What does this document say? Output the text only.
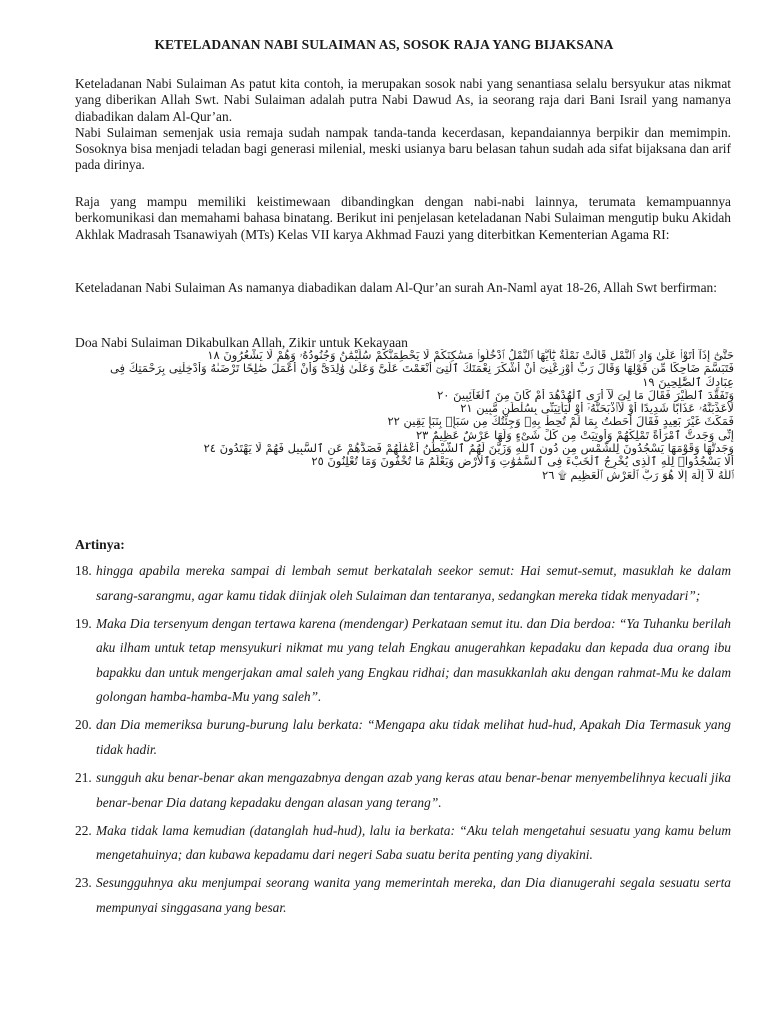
KETELADANAN NABI SULAIMAN AS, SOSOK RAJA YANG BIJAKSANA

Keteladanan Nabi Sulaiman As patut kita contoh, ia merupakan sosok nabi yang senantiasa selalu bersyukur atas nikmat yang diberikan Allah Swt. Nabi Sulaiman adalah putra Nabi Dawud As, ia seorang raja dari Bani Israil yang namanya diabadikan dalam Al-Qur’an.
Nabi Sulaiman semenjak usia remaja sudah nampak tanda-tanda kecerdasan, kepandaiannya berpikir dan memimpin. Sosoknya bisa menjadi teladan bagi generasi milenial, meski usianya baru belasan tahun sudah ada sifat bijaksana dan arif pada dirinya.

Raja yang mampu memiliki keistimewaan dibandingkan dengan nabi-nabi lainnya, terumata kemampuannya berkomunikasi dan memahami bahasa binatang. Berikut ini penjelasan keteladanan Nabi Sulaiman mengutip buku Akidah Akhlak Madrasah Tsanawiyah (MTs) Kelas VII karya Akhmad Fauzi yang diterbitkan Kementerian Agama RI:

Keteladanan Nabi Sulaiman As namanya diabadikan dalam Al-Qur’an surah An-Naml ayat 18-26, Allah Swt berfirman:

Doa Nabi Sulaiman Dikabulkan Allah, Zikir untuk Kekayaan
حَتَّىٰٓ إِذَآ أَتَوْا۟ عَلَىٰ وَادِ ٱلنَّمْلِ قَالَتْ نَمْلَةٌ يَٰٓأَيُّهَا ٱلنَّمْلُ ٱدْخُلُوا۟ مَسَٰكِنَكُمْ لَا يَحْطِمَنَّكُمْ سُلَيْمَٰنُ وَجُنُودُهُۥ وَهُمْ لَا يَشْعُرُونَ ١٨
فَتَبَسَّمَ ضَاحِكًا مِّن قَوْلِهَا وَقَالَ رَبِّ أَوْزِعْنِىٓ أَنْ أَشْكُرَ نِعْمَتَكَ ٱلَّتِىٓ أَنْعَمْتَ عَلَىَّ وَعَلَىٰ وَٰلِدَىَّ وَأَنْ أَعْمَلَ صَٰلِحًا تَرْضَىٰهُ وَأَدْخِلْنِى بِرَحْمَتِكَ فِى
عِبَادِكَ ٱلصَّٰلِحِينَ ١٩
وَتَفَقَّدَ ٱلطَّيْرَ فَقَالَ مَا لِىَ لَآ أَرَى ٱلْهُدْهُدَ أَمْ كَانَ مِنَ ٱلْغَآئِبِينَ ٢٠
لَأُعَذِّبَنَّهُۥ عَذَابًا شَدِيدًا أَوْ لَأَا۟ذْبَحَنَّهُۥٓ أَوْ لَيَأْتِيَنِّى بِسُلْطَٰنٍ مُّبِينٍ ٢١
فَمَكَثَ غَيْرَ بَعِيدٍ فَقَالَ أَحَطتُ بِمَا لَمْ تُحِطْ بِهِۦ وَجِئْتُكَ مِن سَبَإٍۭ بِنَبَإٍ يَقِينٍ ٢٢
إِنِّى وَجَدتُّ ٱمْرَأَةً تَمْلِكُهُمْ وَأُوتِيَتْ مِن كُلِّ شَىْءٍ وَلَهَا عَرْشٌ عَظِيمٌ ٢٣
وَجَدتُّهَا وَقَوْمَهَا يَسْجُدُونَ لِلشَّمْسِ مِن دُونِ ٱللَّهِ وَزَيَّنَ لَهُمُ ٱلشَّيْطَٰنُ أَعْمَٰلَهُمْ فَصَدَّهُمْ عَنِ ٱلسَّبِيلِ فَهُمْ لَا يَهْتَدُونَ ٢٤
أَلَّا يَسْجُدُوا۟ لِلَّهِ ٱلَّذِى يُخْرِجُ ٱلْخَبْءَ فِى ٱلسَّمَٰوَٰتِ وَٱلْأَرْضِ وَيَعْلَمُ مَا تُخْفُونَ وَمَا تُعْلِنُونَ ٢٥
ٱللَّهُ لَآ إِلَٰهَ إِلَّا هُوَ رَبُّ ٱلْعَرْشِ ٱلْعَظِيمِ ۩ ٢٦
Artinya:
18. hingga apabila mereka sampai di lembah semut berkatalah seekor semut: Hai semut-semut, masuklah ke dalam sarang-sarangmu, agar kamu tidak diinjak oleh Sulaiman dan tentaranya, sedangkan mereka tidak menyadari”;
19. Maka Dia tersenyum dengan tertawa karena (mendengar) Perkataan semut itu. dan Dia berdoa: “Ya Tuhanku berilah aku ilham untuk tetap mensyukuri nikmat mu yang telah Engkau anugerahkan kepadaku dan kepada dua orang ibu bapakku dan untuk mengerjakan amal saleh yang Engkau ridhai; dan masukkanlah aku dengan rahmat-Mu ke dalam golongan hamba-hamba-Mu yang saleh”.
20. dan Dia memeriksa burung-burung lalu berkata: “Mengapa aku tidak melihat hud-hud, Apakah Dia Termasuk yang tidak hadir.
21. sungguh aku benar-benar akan mengazabnya dengan azab yang keras atau benar-benar menyembelihnya kecuali jika benar-benar Dia datang kepadaku dengan alasan yang terang”.
22. Maka tidak lama kemudian (datanglah hud-hud), lalu ia berkata: “Aku telah mengetahui sesuatu yang kamu belum mengetahuinya; dan kubawa kepadamu dari negeri Saba suatu berita penting yang diyakini.
23. Sesungguhnya aku menjumpai seorang wanita yang memerintah mereka, dan Dia dianugerahi segala sesuatu serta mempunyai singgasana yang besar.
